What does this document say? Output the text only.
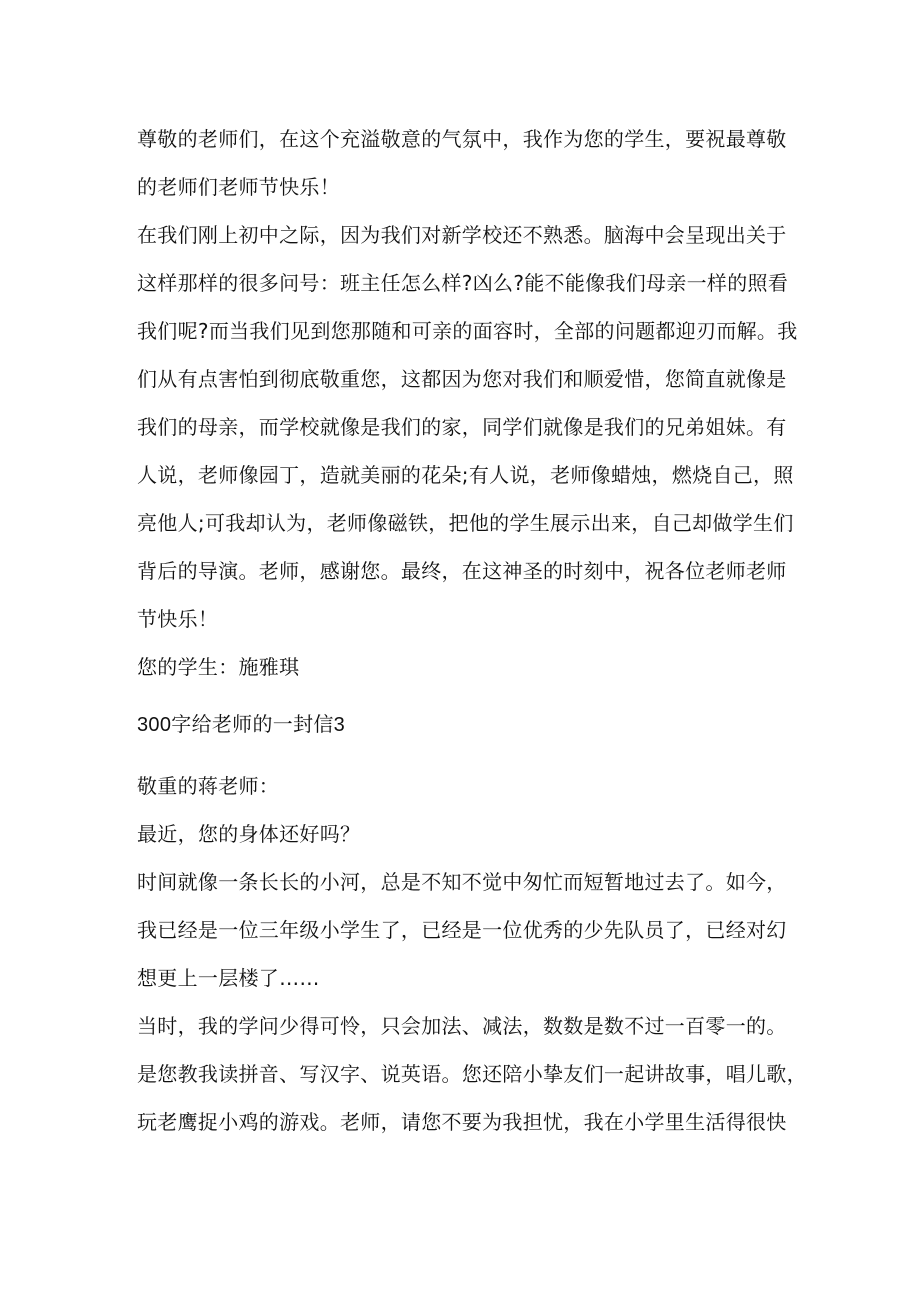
尊敬的老师们，在这个充溢敬意的气氛中，我作为您的学生，要祝最尊敬
的老师们老师节快乐！
在我们刚上初中之际，因为我们对新学校还不熟悉。脑海中会呈现出关于
这样那样的很多问号：班主任怎么样?凶么?能不能像我们母亲一样的照看
我们呢?而当我们见到您那随和可亲的面容时，全部的问题都迎刃而解。我
们从有点害怕到彻底敬重您，这都因为您对我们和顺爱惜，您简直就像是
我们的母亲，而学校就像是我们的家，同学们就像是我们的兄弟姐妹。有
人说，老师像园丁，造就美丽的花朵;有人说，老师像蜡烛，燃烧自己，照
亮他人;可我却认为，老师像磁铁，把他的学生展示出来，自己却做学生们
背后的导演。老师，感谢您。最终，在这神圣的时刻中，祝各位老师老师
节快乐！
您的学生：施雅琪
300字给老师的一封信3
敬重的蒋老师：
最近，您的身体还好吗？
时间就像一条长长的小河，总是不知不觉中匆忙而短暂地过去了。如今，
我已经是一位三年级小学生了，已经是一位优秀的少先队员了，已经对幻
想更上一层楼了……
当时，我的学问少得可怜，只会加法、减法，数数是数不过一百零一的。
是您教我读拼音、写汉字、说英语。您还陪小挚友们一起讲故事，唱儿歌，
玩老鹰捉小鸡的游戏。老师，请您不要为我担忧，我在小学里生活得很快
